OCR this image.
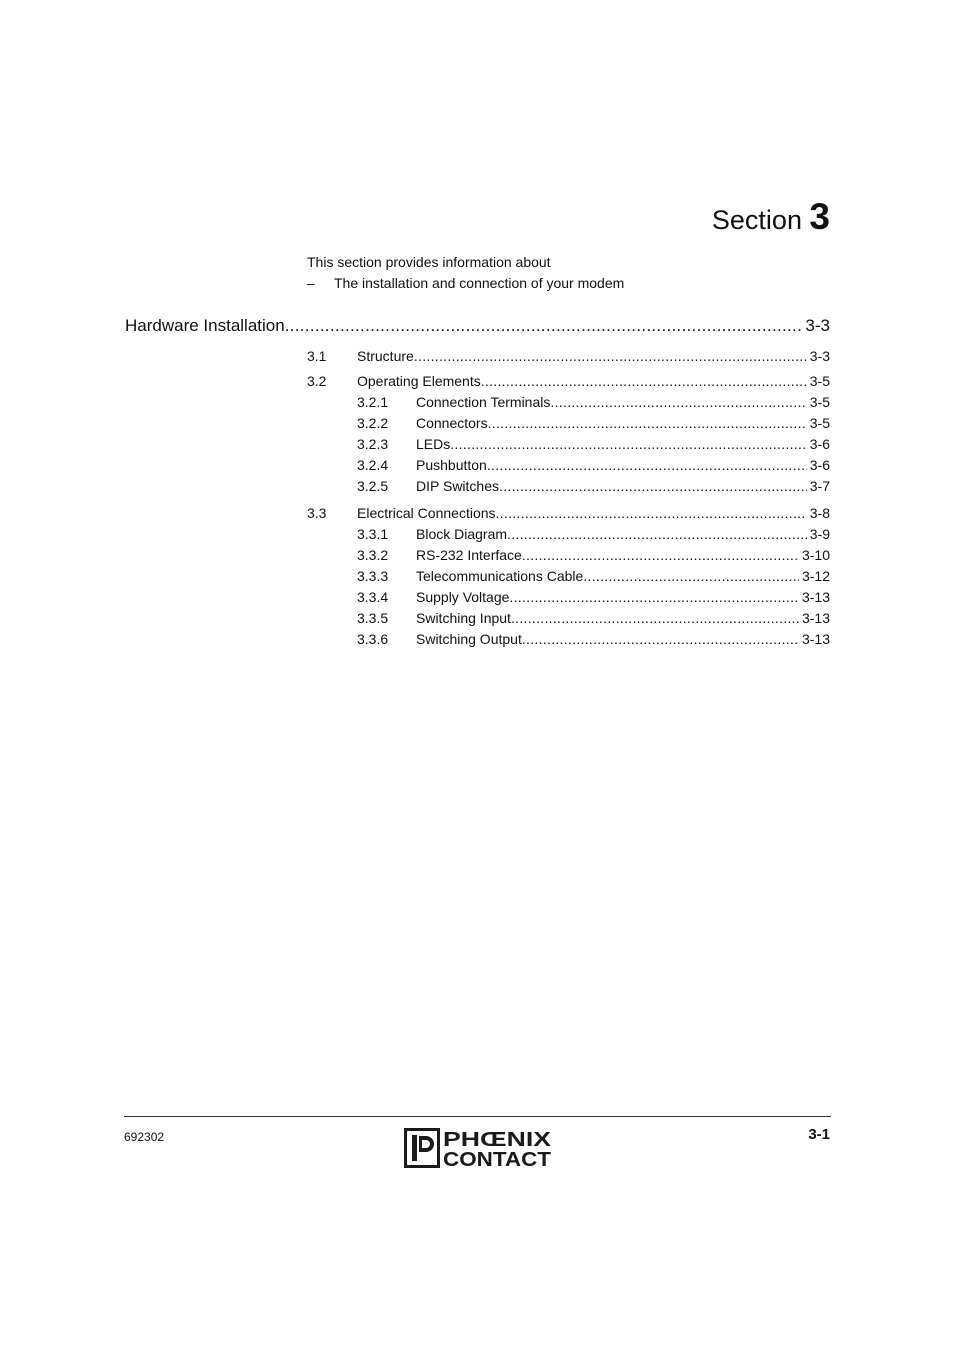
Section 3
This section provides information about
–	The installation and connection of your modem
Hardware Installation .....	3-3
3.1	Structure .....	3-3
3.2	Operating Elements .....	3-5
3.2.1	Connection Terminals .....	3-5
3.2.2	Connectors .....	3-5
3.2.3	LEDs .....	3-6
3.2.4	Pushbutton .....	3-6
3.2.5	DIP Switches .....	3-7
3.3	Electrical Connections .....	3-8
3.3.1	Block Diagram .....	3-9
3.3.2	RS-232 Interface .....	3-10
3.3.3	Telecommunications Cable .....	3-12
3.3.4	Supply Voltage .....	3-13
3.3.5	Switching Input .....	3-13
3.3.6	Switching Output .....	3-13
692302	PHŒNIX
CONTACT
3-1
